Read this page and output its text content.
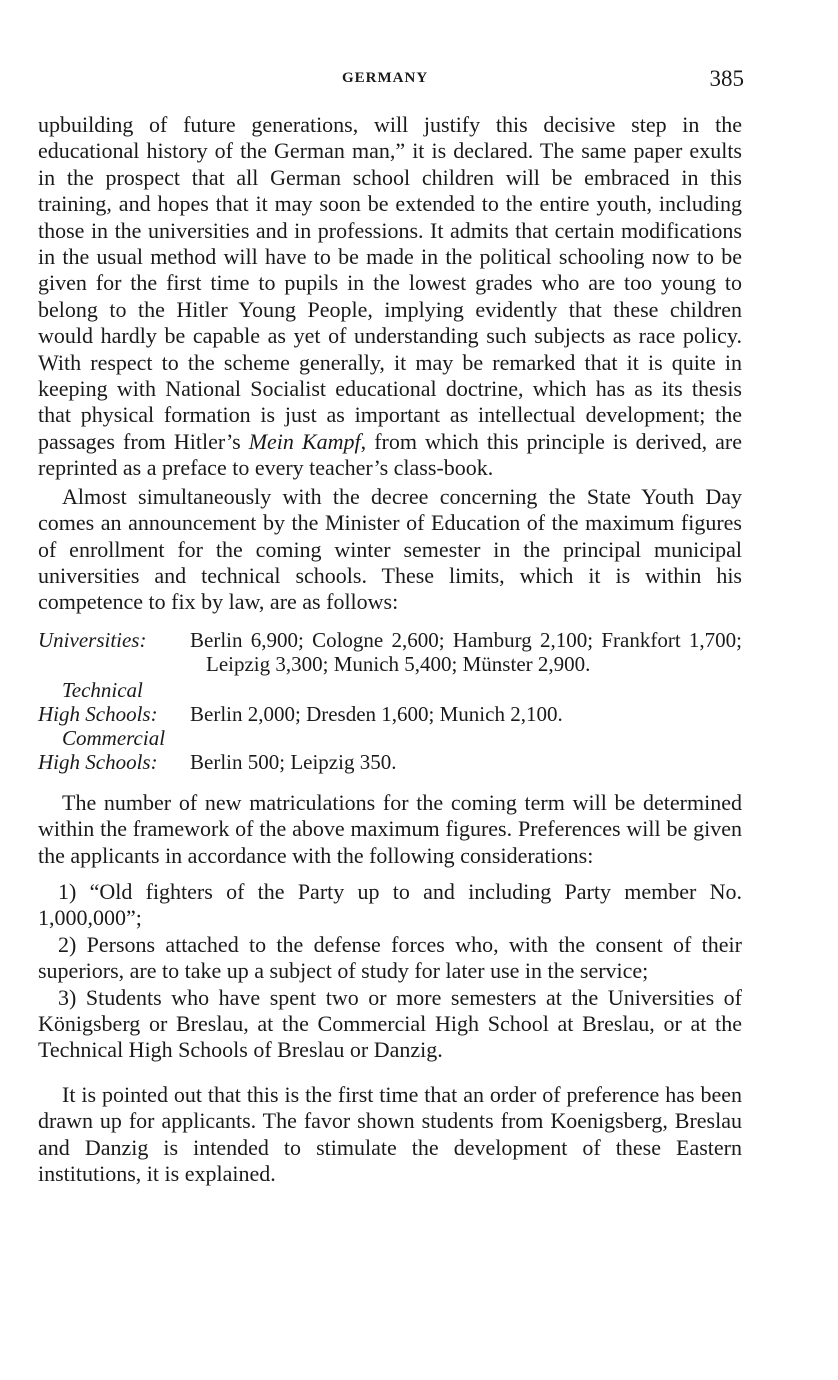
GERMANY	385

upbuilding of future generations, will justify this decisive step in the educational history of the German man,” it is declared. The same paper exults in the prospect that all German school children will be embraced in this training, and hopes that it may soon be extended to the entire youth, including those in the universities and in professions. It admits that certain modifications in the usual method will have to be made in the political schooling now to be given for the first time to pupils in the lowest grades who are too young to belong to the Hitler Young People, implying evidently that these children would hardly be capable as yet of understanding such subjects as race policy. With respect to the scheme generally, it may be remarked that it is quite in keeping with National Socialist educational doctrine, which has as its thesis that physical formation is just as important as intellectual development; the passages from Hitler’s Mein Kampf, from which this principle is derived, are reprinted as a preface to every teacher’s class-book.

Almost simultaneously with the decree concerning the State Youth Day comes an announcement by the Minister of Education of the maximum figures of enrollment for the coming winter semester in the principal municipal universities and technical schools. These limits, which it is within his competence to fix by law, are as follows:

Universities:	Berlin 6,900; Cologne 2,600; Hamburg 2,100; Frankfort 1,700; Leipzig 3,300; Munich 5,400; Münster 2,900.
Technical
High Schools:
	Berlin 2,000; Dresden 1,600; Munich 2,100.
Commercial
High Schools:
	Berlin 500; Leipzig 350.

The number of new matriculations for the coming term will be determined within the framework of the above maximum figures. Preferences will be given the applicants in accordance with the following considerations:

1) “Old fighters of the Party up to and including Party member No. 1,000,000”;

2) Persons attached to the defense forces who, with the consent of their superiors, are to take up a subject of study for later use in the service;

3) Students who have spent two or more semesters at the Universities of Königsberg or Breslau, at the Commercial High School at Breslau, or at the Technical High Schools of Breslau or Danzig.

It is pointed out that this is the first time that an order of preference has been drawn up for applicants. The favor shown students from Koenigsberg, Breslau and Danzig is intended to stimulate the development of these Eastern institutions, it is explained.
